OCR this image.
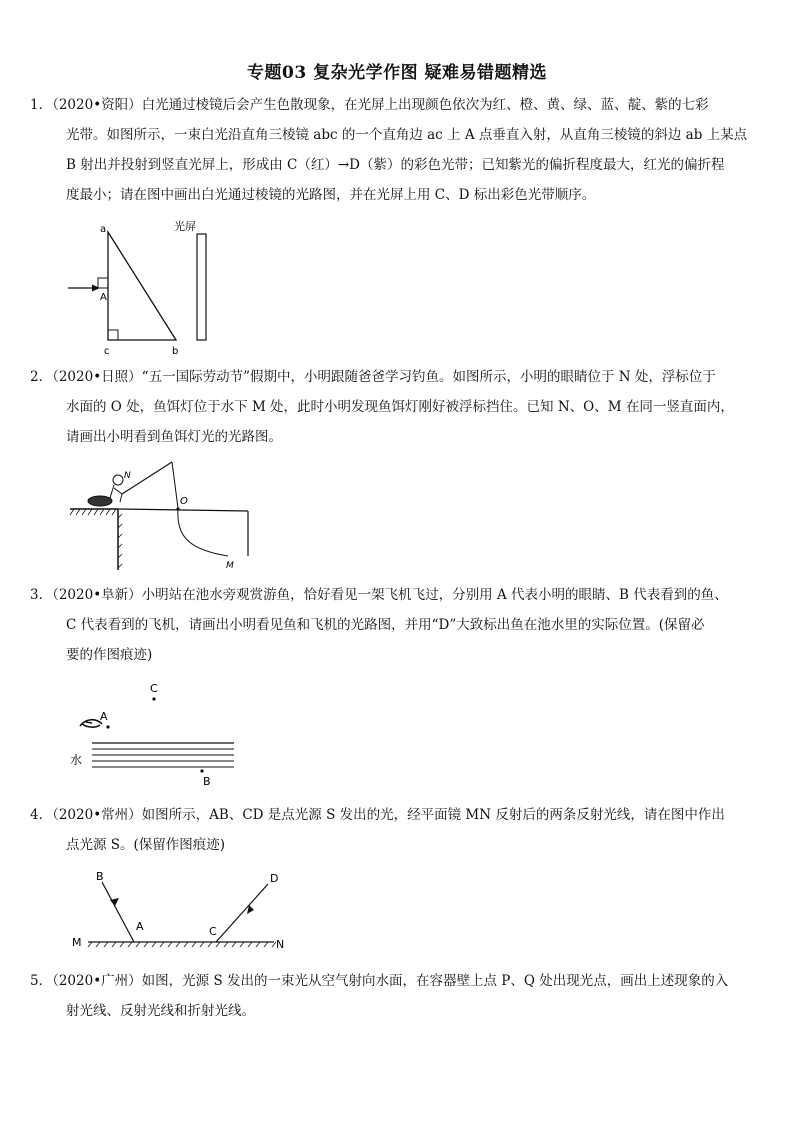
专题03 复杂光学作图 疑难易错题精选

1．（2020•资阳）白光通过棱镜后会产生色散现象，在光屏上出现颜色依次为红、橙、黄、绿、蓝、靛、紫的七彩

光带。如图所示，一束白光沿直角三棱镜 abc 的一个直角边 ac 上 A 点垂直入射，从直角三棱镜的斜边 ab 上某点

B 射出并投射到竖直光屏上，形成由 C（红）→D（紫）的彩色光带；已知紫光的偏折程度最大，红光的偏折程

度最小；请在图中画出白光通过棱镜的光路图，并在光屏上用 C、D 标出彩色光带顺序。

a
A
c	b
光屏

2．（2020•日照）“五一国际劳动节”假期中，小明跟随爸爸学习钓鱼。如图所示，小明的眼睛位于 N 处，浮标位于

水面的 O 处，鱼饵灯位于水下 M 处，此时小明发现鱼饵灯刚好被浮标挡住。已知 N、O、M 在同一竖直面内，

请画出小明看到鱼饵灯光的光路图。

N
O
M

3．（2020•阜新）小明站在池水旁观赏游鱼，恰好看见一架飞机飞过，分别用 A 代表小明的眼睛、B 代表看到的鱼、

C 代表看到的飞机，请画出小明看见鱼和飞机的光路图，并用“D”大致标出鱼在池水里的实际位置。(保留必

要的作图痕迹)

C
A
水
B

4．（2020•常州）如图所示，AB、CD 是点光源 S 发出的光，经平面镜 MN 反射后的两条反射光线，请在图中作出

点光源 S。(保留作图痕迹)

B
A	C
D
M	N

5．（2020•广州）如图，光源 S 发出的一束光从空气射向水面，在容器壁上点 P、Q 处出现光点，画出上述现象的入

射光线、反射光线和折射光线。
